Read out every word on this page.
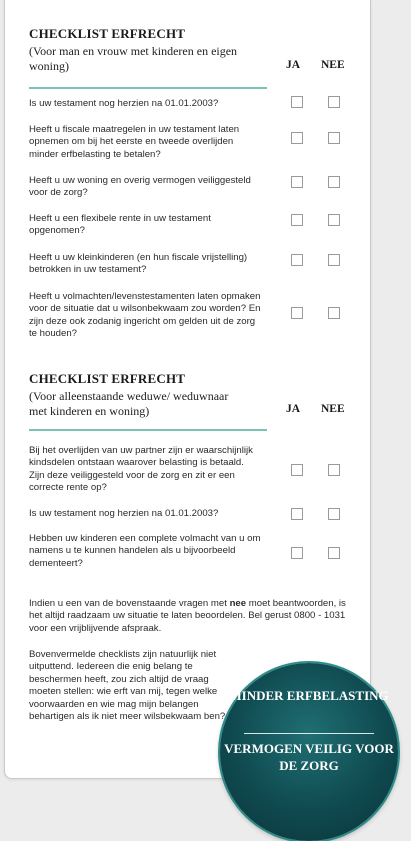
CHECKLIST ERFRECHT

(Voor man en vrouw met kinderen en eigen woning)	JA NEE
Is uw testament nog herzien na 01.01.2003?
Heeft u fiscale maatregelen in uw testament laten opnemen om bij het eerste en tweede overlijden minder erfbelasting te betalen?
Heeft u uw woning en overig vermogen veiliggesteld voor de zorg?
Heeft u een flexibele rente in uw testament opgenomen?
Heeft u uw kleinkinderen (en hun fiscale vrijstelling) betrokken in uw testament?
Heeft u volmachten/levenstestamenten laten opmaken voor de situatie dat u wilsonbekwaam zou worden? En zijn deze ook zodanig ingericht om gelden uit de zorg te houden?

CHECKLIST ERFRECHT

(Voor alleenstaande weduwe/ weduwnaar met kinderen en woning)	JA NEE
Bij het overlijden van uw partner zijn er waarschijnlijk kindsdelen ontstaan waarover belasting is betaald. Zijn deze veiliggesteld voor de zorg en zit er een correcte rente op?
Is uw testament nog herzien na 01.01.2003?
Hebben uw kinderen een complete volmacht van u om namens u te kunnen handelen als u bijvoorbeeld dementeert?
Indien u een van de bovenstaande vragen met nee moet beantwoorden, is het altijd raadzaam uw situatie te laten beoordelen. Bel gerust 0800 - 1031 voor een vrijblijvende afspraak.
Bovenvermelde checklists zijn natuurlijk niet uitputtend. Iedereen die enig belang te beschermen heeft, zou zich altijd de vraag moeten stellen: wie erft van mij, tegen welke voorwaarden en wie mag mijn belangen behartigen als ik niet meer wilsbekwaam ben?
MINDER ERFBELASTING
VERMOGEN VEILIG VOOR DE ZORG
